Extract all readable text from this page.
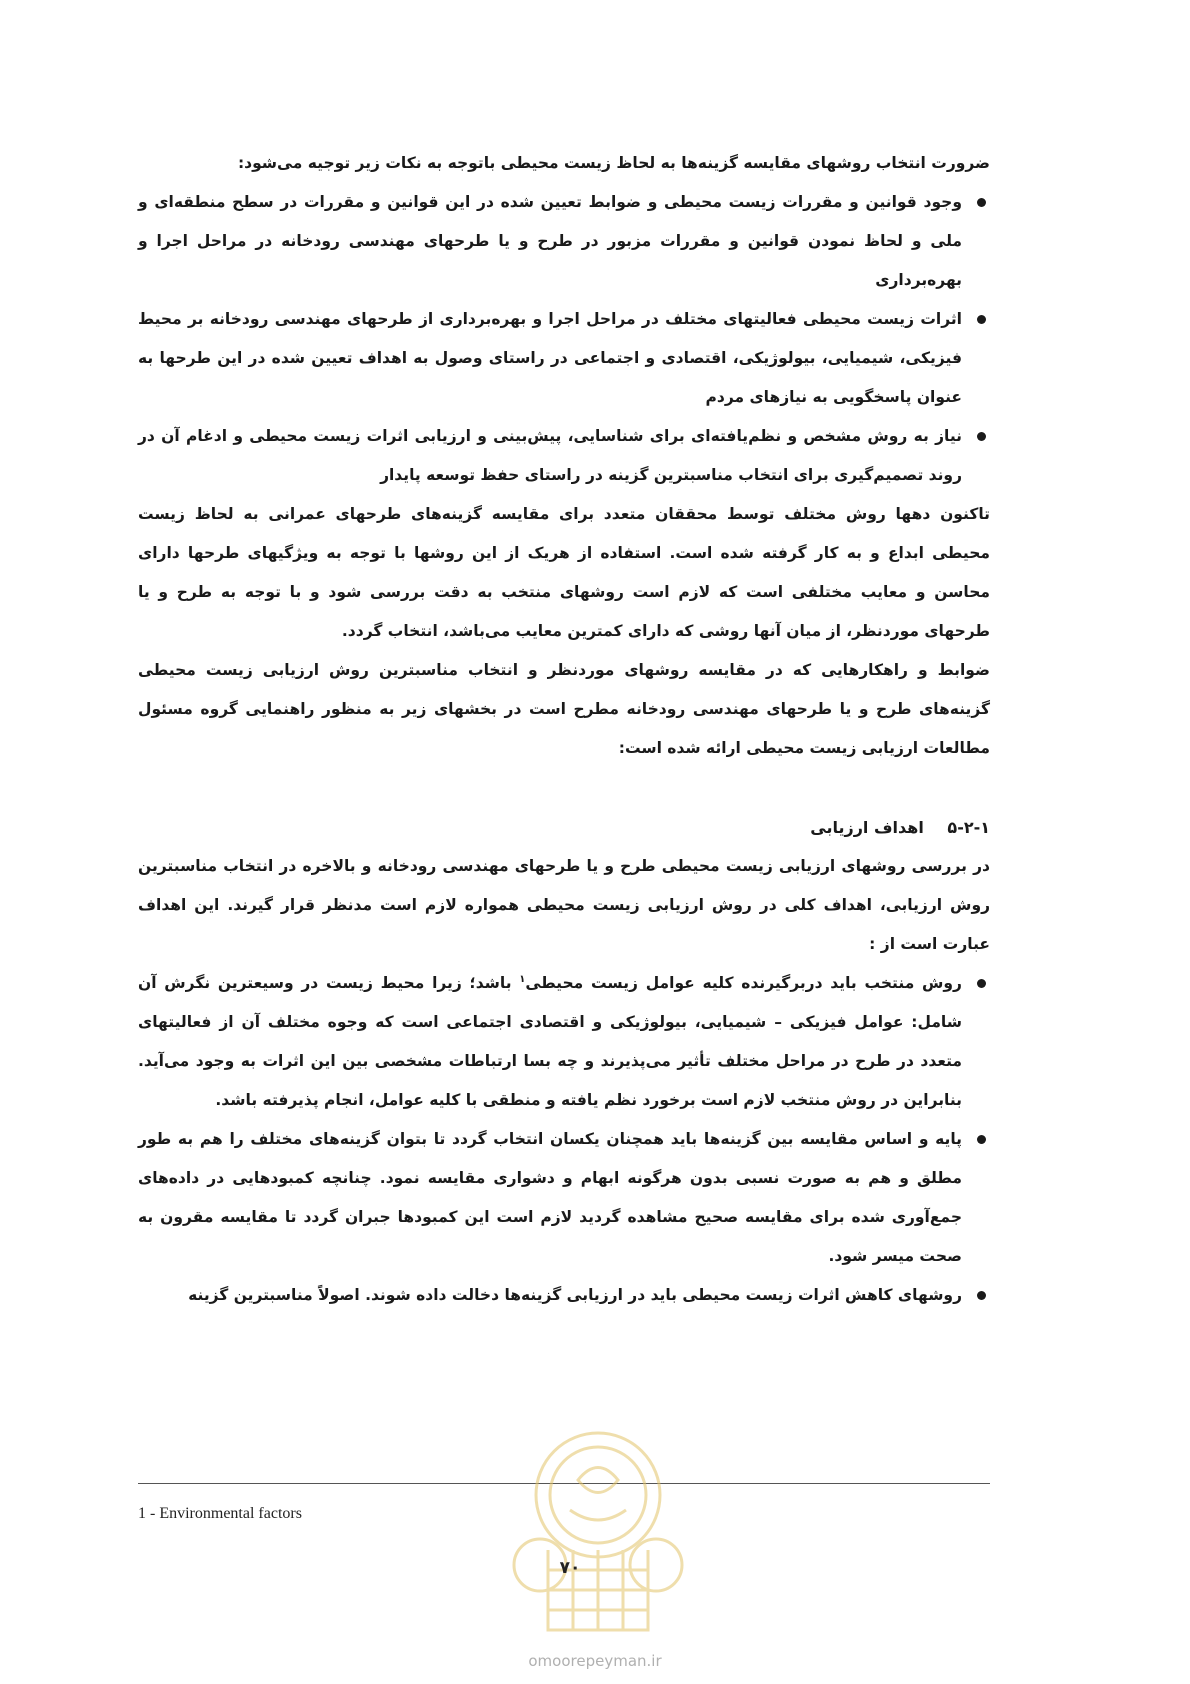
ضرورت انتخاب روشهای مقایسه گزینه‌ها به لحاظ زیست محیطی باتوجه به نکات زیر توجیه می‌شود:

وجود قوانین و مقررات زیست محیطی و ضوابط تعیین شده در این قوانین و مقررات در سطح منطقه‌ای و ملی و لحاظ نمودن قوانین و مقررات مزبور در طرح و یا طرحهای مهندسی رودخانه در مراحل اجرا و بهره‌برداری
اثرات زیست محیطی فعالیتهای مختلف در مراحل اجرا و بهره‌برداری از طرحهای مهندسی رودخانه بر محیط فیزیکی، شیمیایی، بیولوژیکی، اقتصادی و اجتماعی در راستای وصول به اهداف تعیین شده در این طرحها به عنوان پاسخگویی به نیازهای مردم
نیاز به روش مشخص و نظم‌یافته‌ای برای شناسایی، پیش‌بینی و ارزیابی اثرات زیست محیطی و ادغام آن در روند تصمیم‌گیری برای انتخاب مناسبترین گزینه در راستای حفظ توسعه پایدار

تاکنون دهها روش مختلف توسط محققان متعدد برای مقایسه گزینه‌های طرحهای عمرانی به لحاظ زیست محیطی ابداع و به کار گرفته شده است. استفاده از هریک از این روشها با توجه به ویژگیهای طرحها دارای محاسن و معایب مختلفی است که لازم است روشهای منتخب به دقت بررسی شود و با توجه به طرح و یا طرحهای موردنظر، از میان آنها روشی که دارای کمترین معایب می‌باشد، انتخاب گردد.

ضوابط و راهکارهایی که در مقایسه روشهای موردنظر و انتخاب مناسبترین روش ارزیابی زیست محیطی گزینه‌های طرح و یا طرحهای مهندسی رودخانه مطرح است در بخشهای زیر به منظور راهنمایی گروه مسئول مطالعات ارزیابی زیست محیطی ارائه شده است:

۵-۲-۱ اهداف ارزیابی

در بررسی روشهای ارزیابی زیست محیطی طرح و یا طرحهای مهندسی رودخانه و بالاخره در انتخاب مناسبترین روش ارزیابی، اهداف کلی در روش ارزیابی زیست محیطی همواره لازم است مدنظر قرار گیرند. این اهداف عبارت است از :

روش منتخب باید دربرگیرنده کلیه عوامل زیست محیطی$^۱$ باشد؛ زیرا محیط زیست در وسیعترین نگرش آن شامل: عوامل فیزیکی – شیمیایی، بیولوژیکی و اقتصادی اجتماعی است که وجوه مختلف آن از فعالیتهای متعدد در طرح در مراحل مختلف تأثیر می‌پذیرند و چه بسا ارتباطات مشخصی بین این اثرات به وجود می‌آید. بنابراین در روش منتخب لازم است برخورد نظم یافته و منطقی با کلیه عوامل، انجام پذیرفته باشد.
پایه و اساس مقایسه بین گزینه‌ها باید همچنان یکسان انتخاب گردد تا بتوان گزینه‌های مختلف را هم به طور مطلق و هم به صورت نسبی بدون هرگونه ابهام و دشواری مقایسه نمود. چنانچه کمبودهایی در داده‌های جمع‌آوری شده برای مقایسه صحیح مشاهده گردید لازم است این کمبودها جبران گردد تا مقایسه مقرون به صحت میسر شود.
روشهای کاهش اثرات زیست محیطی باید در ارزیابی گزینه‌ها دخالت داده شوند. اصولاً مناسبترین گزینه
1 - Environmental factors
۷۰
omoorepeyman.ir
